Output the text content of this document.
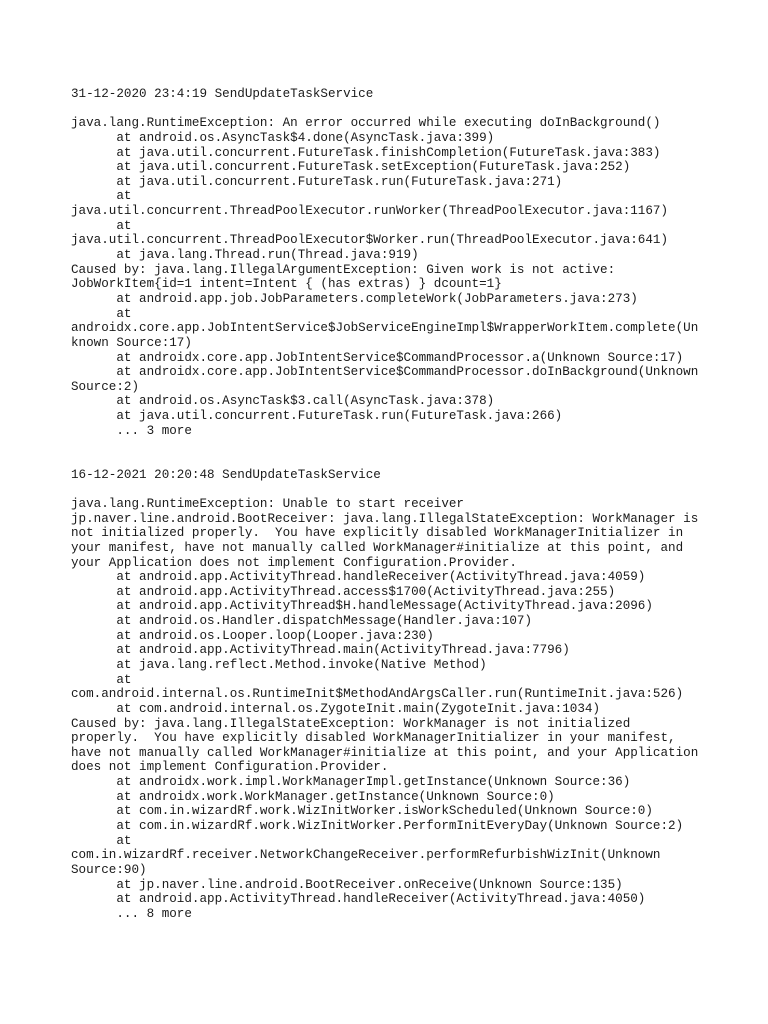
31-12-2020 23:4:19 SendUpdateTaskService
java.lang.RuntimeException: An error occurred while executing doInBackground()
at android.os.AsyncTask$4.done(AsyncTask.java:399)
at java.util.concurrent.FutureTask.finishCompletion(FutureTask.java:383)
at java.util.concurrent.FutureTask.setException(FutureTask.java:252)
at java.util.concurrent.FutureTask.run(FutureTask.java:271)
at
java.util.concurrent.ThreadPoolExecutor.runWorker(ThreadPoolExecutor.java:1167)
at
java.util.concurrent.ThreadPoolExecutor$Worker.run(ThreadPoolExecutor.java:641)
at java.lang.Thread.run(Thread.java:919)
Caused by: java.lang.IllegalArgumentException: Given work is not active:
JobWorkItem{id=1 intent=Intent { (has extras) } dcount=1}
at android.app.job.JobParameters.completeWork(JobParameters.java:273)
at
androidx.core.app.JobIntentService$JobServiceEngineImpl$WrapperWorkItem.complete(Un
known Source:17)
at androidx.core.app.JobIntentService$CommandProcessor.a(Unknown Source:17)
at androidx.core.app.JobIntentService$CommandProcessor.doInBackground(Unknown
Source:2)
at android.os.AsyncTask$3.call(AsyncTask.java:378)
at java.util.concurrent.FutureTask.run(FutureTask.java:266)
... 3 more
16-12-2021 20:20:48 SendUpdateTaskService
java.lang.RuntimeException: Unable to start receiver
jp.naver.line.android.BootReceiver: java.lang.IllegalStateException: WorkManager is
not initialized properly.  You have explicitly disabled WorkManagerInitializer in
your manifest, have not manually called WorkManager#initialize at this point, and
your Application does not implement Configuration.Provider.
at android.app.ActivityThread.handleReceiver(ActivityThread.java:4059)
at android.app.ActivityThread.access$1700(ActivityThread.java:255)
at android.app.ActivityThread$H.handleMessage(ActivityThread.java:2096)
at android.os.Handler.dispatchMessage(Handler.java:107)
at android.os.Looper.loop(Looper.java:230)
at android.app.ActivityThread.main(ActivityThread.java:7796)
at java.lang.reflect.Method.invoke(Native Method)
at
com.android.internal.os.RuntimeInit$MethodAndArgsCaller.run(RuntimeInit.java:526)
at com.android.internal.os.ZygoteInit.main(ZygoteInit.java:1034)
Caused by: java.lang.IllegalStateException: WorkManager is not initialized
properly.  You have explicitly disabled WorkManagerInitializer in your manifest,
have not manually called WorkManager#initialize at this point, and your Application
does not implement Configuration.Provider.
at androidx.work.impl.WorkManagerImpl.getInstance(Unknown Source:36)
at androidx.work.WorkManager.getInstance(Unknown Source:0)
at com.in.wizardRf.work.WizInitWorker.isWorkScheduled(Unknown Source:0)
at com.in.wizardRf.work.WizInitWorker.PerformInitEveryDay(Unknown Source:2)
at
com.in.wizardRf.receiver.NetworkChangeReceiver.performRefurbishWizInit(Unknown
Source:90)
at jp.naver.line.android.BootReceiver.onReceive(Unknown Source:135)
at android.app.ActivityThread.handleReceiver(ActivityThread.java:4050)
... 8 more
